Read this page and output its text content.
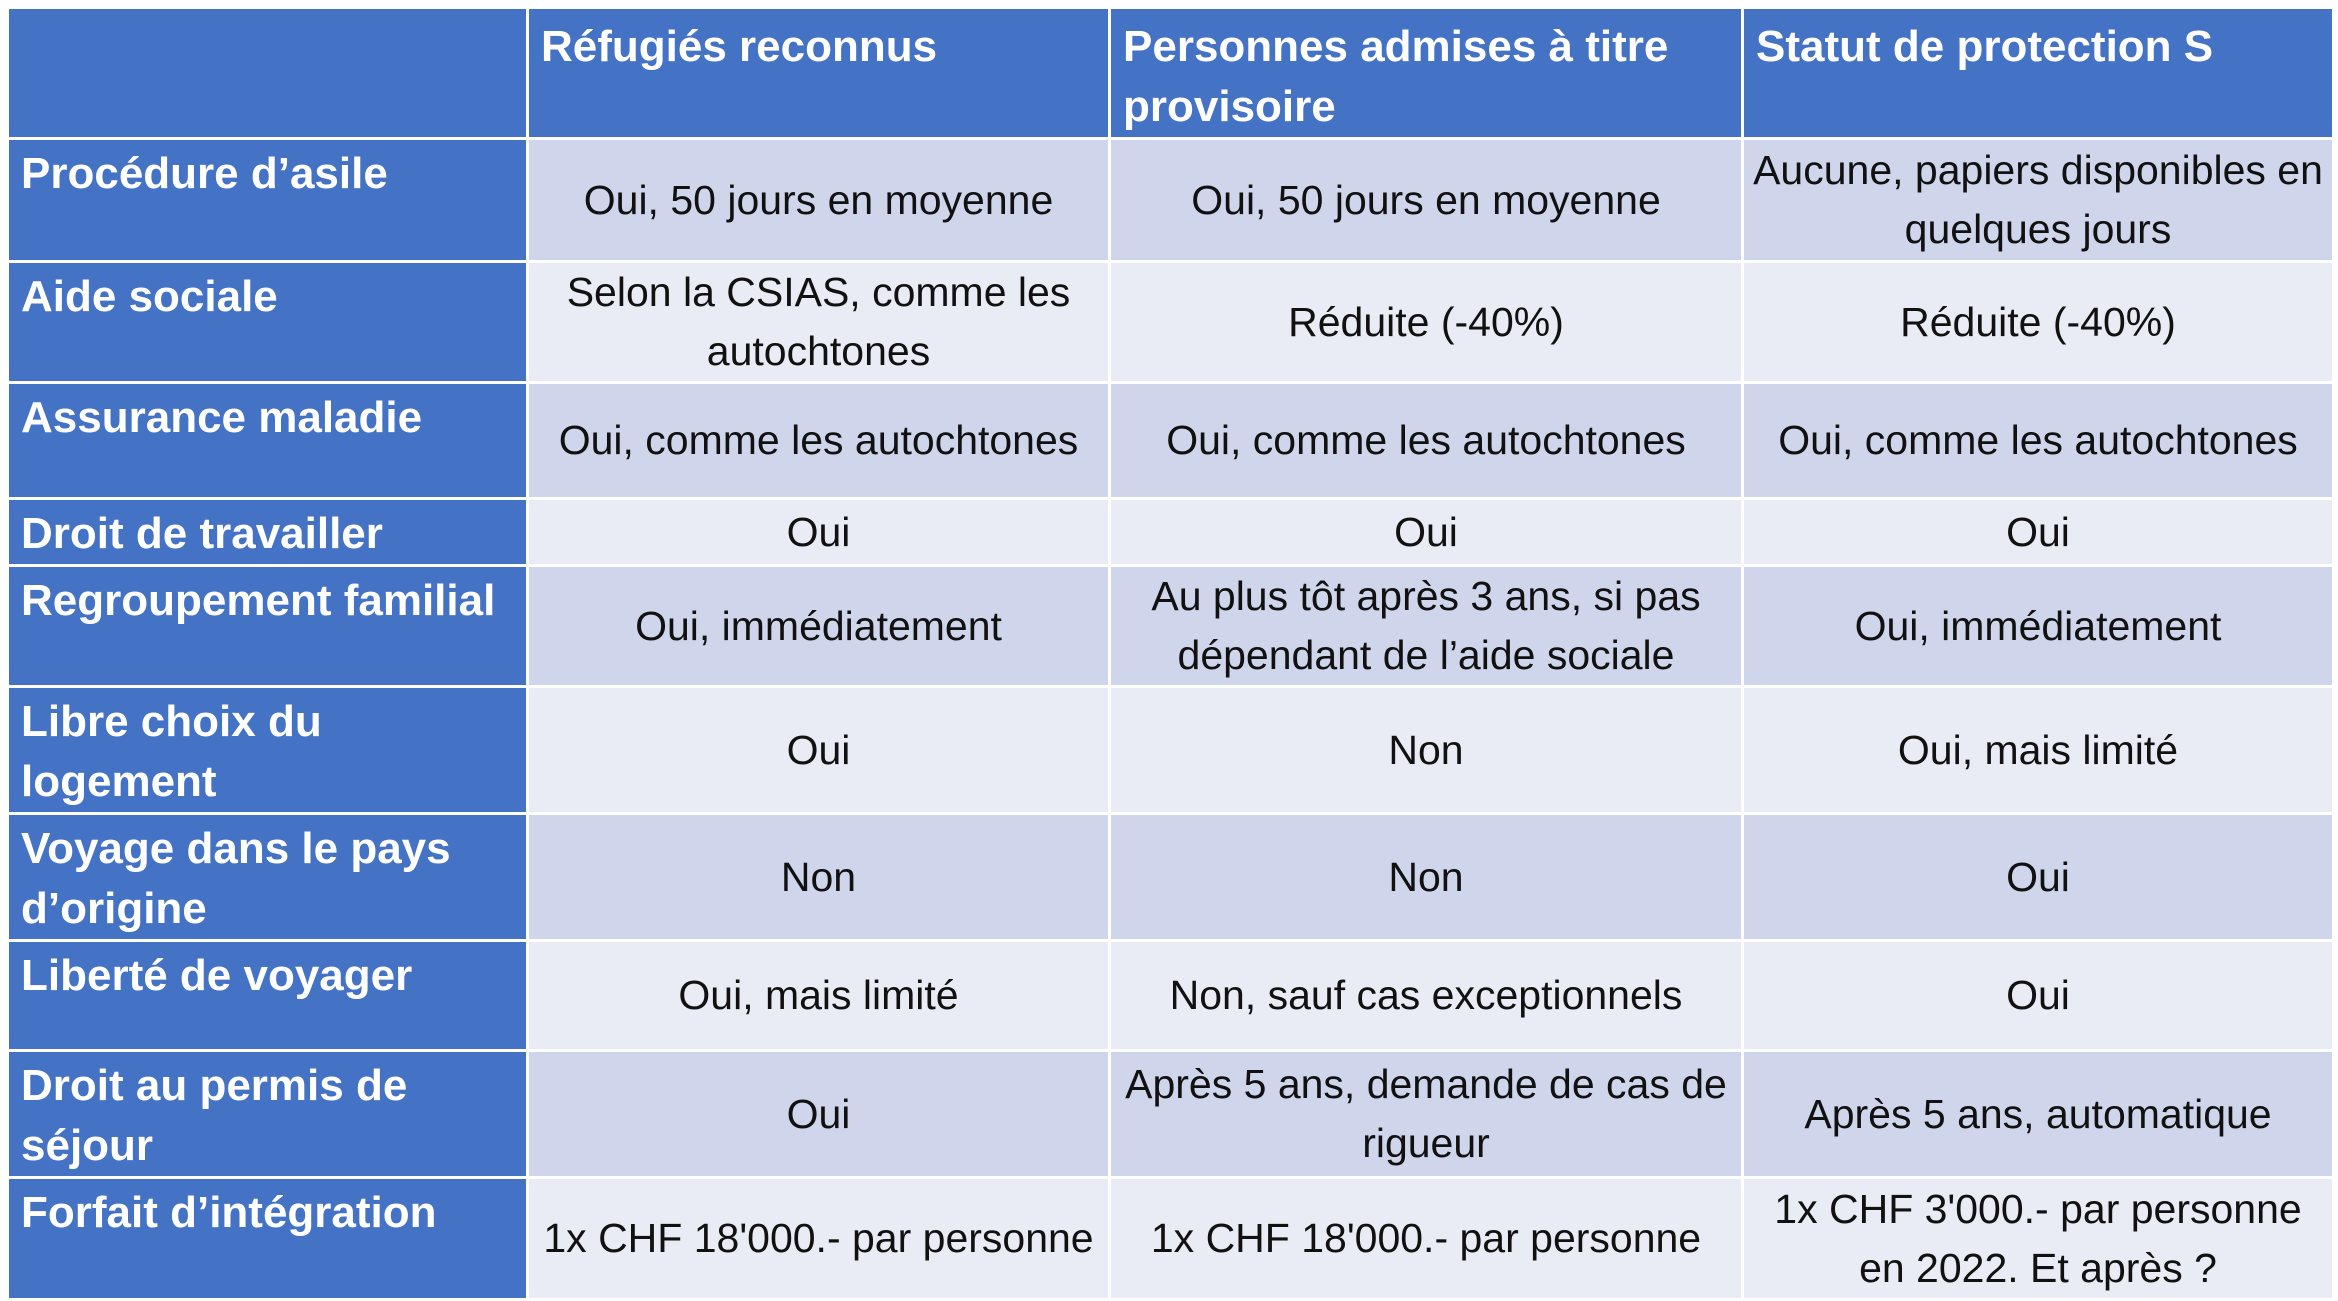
	Réfugiés reconnus	Personnes admises à titre provisoire	Statut de protection S
Procédure d’asile	Oui, 50 jours en moyenne	Oui, 50 jours en moyenne	Aucune, papiers disponibles en quelques jours
Aide sociale	Selon la CSIAS, comme les autochtones	Réduite (-40%)	Réduite (-40%)
Assurance maladie	Oui, comme les autochtones	Oui, comme les autochtones	Oui, comme les autochtones
Droit de travailler	Oui	Oui	Oui
Regroupement familial	Oui, immédiatement	Au plus tôt après 3 ans, si pas dépendant de l’aide sociale	Oui, immédiatement
Libre choix du logement	Oui	Non	Oui, mais limité
Voyage dans le pays d’origine	Non	Non	Oui
Liberté de voyager	Oui, mais limité	Non, sauf cas exceptionnels	Oui
Droit au permis de séjour	Oui	Après 5 ans, demande de cas de rigueur	Après 5 ans, automatique
Forfait d’intégration	1x CHF 18'000.- par personne	1x CHF 18'000.- par personne	1x CHF 3'000.- par personne en 2022. Et après ?
